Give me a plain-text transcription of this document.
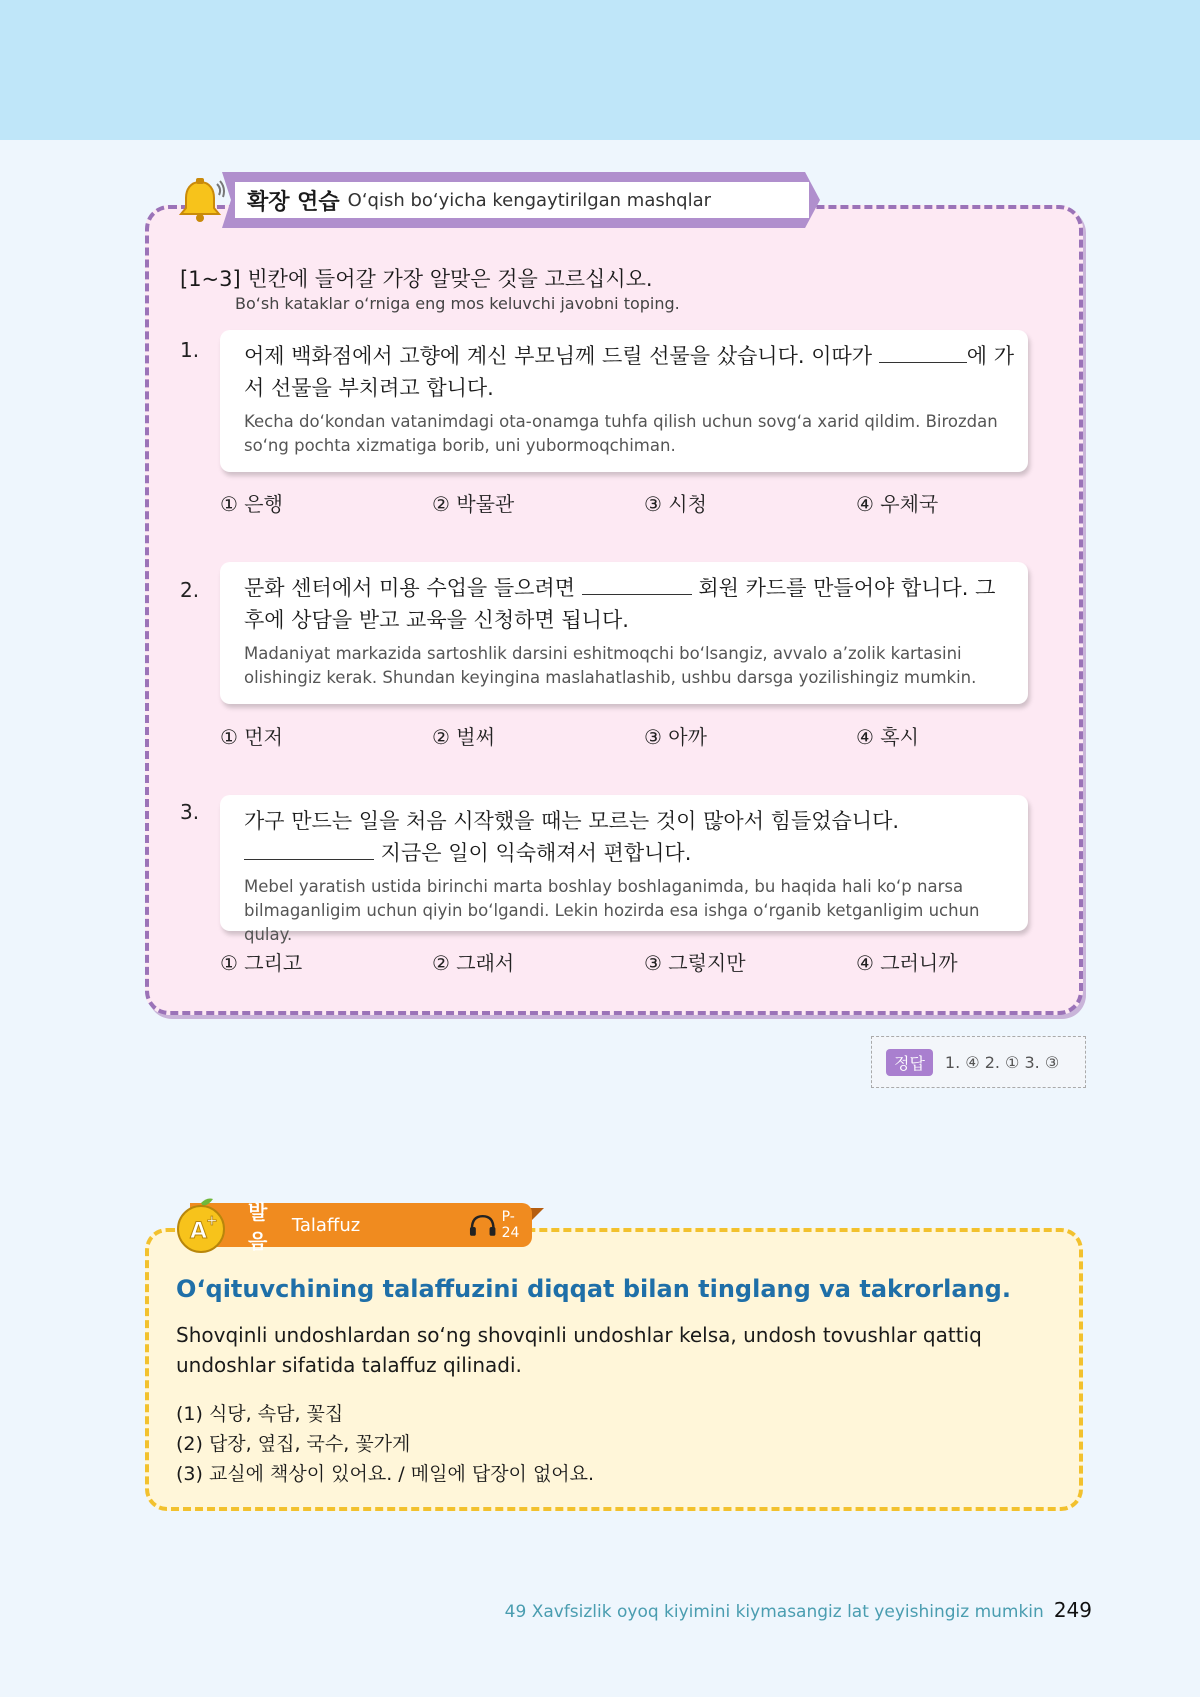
확장 연습 O‘qish bo‘yicha kengaytirilgan mashqlar
[1~3] 빈칸에 들어갈 가장 알맞은 것을 고르십시오.
Bo‘sh kataklar o‘rniga eng mos keluvchi javobni toping.
1. 어제 백화점에서 고향에 계신 부모님께 드릴 선물을 샀습니다. 이따가	에 가서 선물을 부치려고 합니다.
Kecha do‘kondan vatanimdagi ota-onamga tuhfa qilish uchun sovg‘a xarid qildim. Birozdan so‘ng pochta xizmatiga borib, uni yubormoqchiman.
① 은행	② 박물관	③ 시청	④ 우체국
2. 문화 센터에서 미용 수업을 들으려면	회원 카드를 만들어야 합니다. 그 후에 상담을 받고 교육을 신청하면 됩니다.
Madaniyat markazida sartoshlik darsini eshitmoqchi bo‘lsangiz, avvalo a’zolik kartasini olishingiz kerak. Shundan keyingina maslahatlashib, ushbu darsga yozilishingiz mumkin.
① 먼저	② 벌써	③ 아까	④ 혹시
3. 가구 만드는 일을 처음 시작했을 때는 모르는 것이 많아서 힘들었습니다.  지금은 일이 익숙해져서 편합니다.
Mebel yaratish ustida birinchi marta boshlay boshlaganimda, bu haqida hali ko‘p narsa bilmaganligim uchun qiyin bo‘lgandi. Lekin hozirda esa ishga o‘rganib ketganligim uchun qulay.
① 그리고	② 그래서	③ 그렇지만	④ 그러니까
정답	1. ④ 2. ① 3. ③
발음
Talaffuz	P-24
A
+
O‘qituvchining talaffuzini diqqat bilan tinglang va takrorlang.
Shovqinli undoshlardan so‘ng shovqinli undoshlar kelsa, undosh tovushlar qattiq undoshlar sifatida talaffuz qilinadi.
(1) 식당, 속담, 꽃집
(2) 답장, 옆집, 국수, 꽃가게
(3) 교실에 책상이 있어요. / 메일에 답장이 없어요.
49 Xavfsizlik oyoq kiyimini kiymasangiz lat yeyishingiz mumkin 249
